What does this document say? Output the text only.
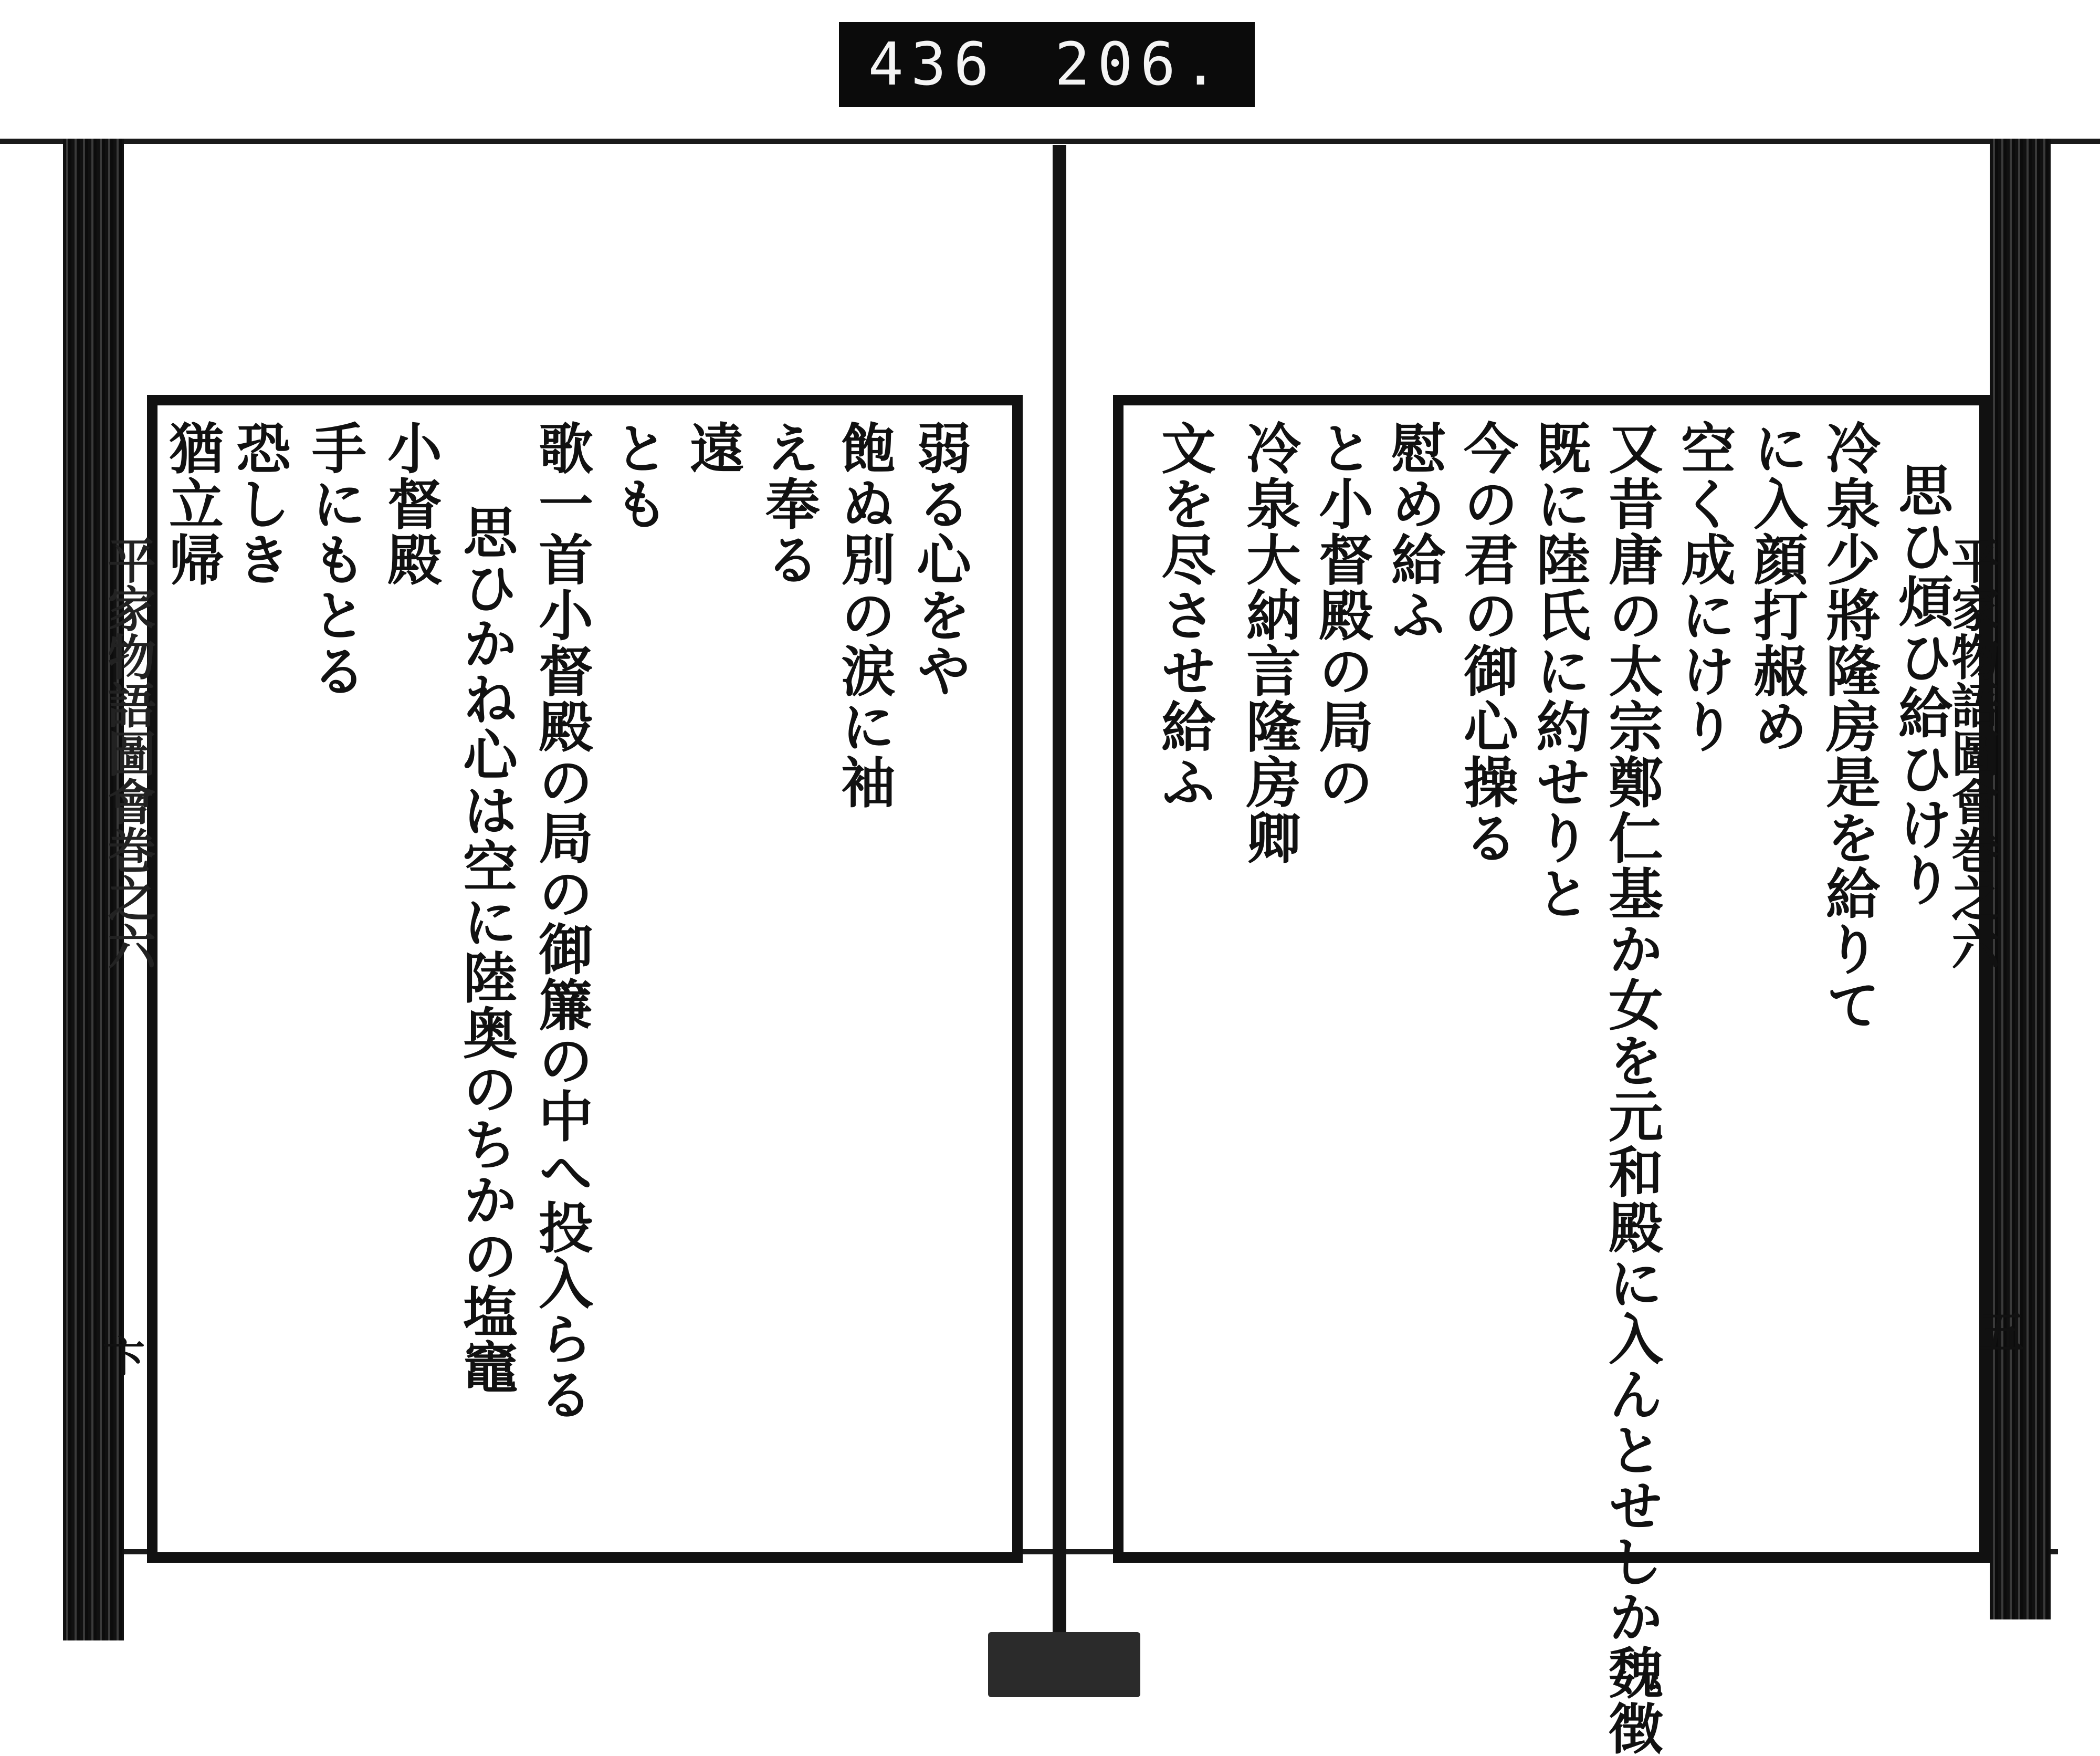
436 206.
平家物語圖會巻之六
卞
弱る心をや
飽ぬ別の涙に袖
え奉る
遠
とも
歌一首小督殿の局の御簾の中へ投入らる
思ひかね心は空に陸奥のちかの塩竈
小督殿
手にもとる
恐しき
猶立帰
平家物語圖會巻之六
五
思ひ煩ひ給ひけり
冷泉少將隆房是を給りて
に入顔打赧め
空く成にけり
又昔唐の太宗鄭仁基か女を元和殿に入んとせしか魏徴
既に陸氏に約せりと
今の君の御心操る
慰め給ふ
と小督殿の局の
冷泉大納言隆房卿
文を尽させ給ふ
